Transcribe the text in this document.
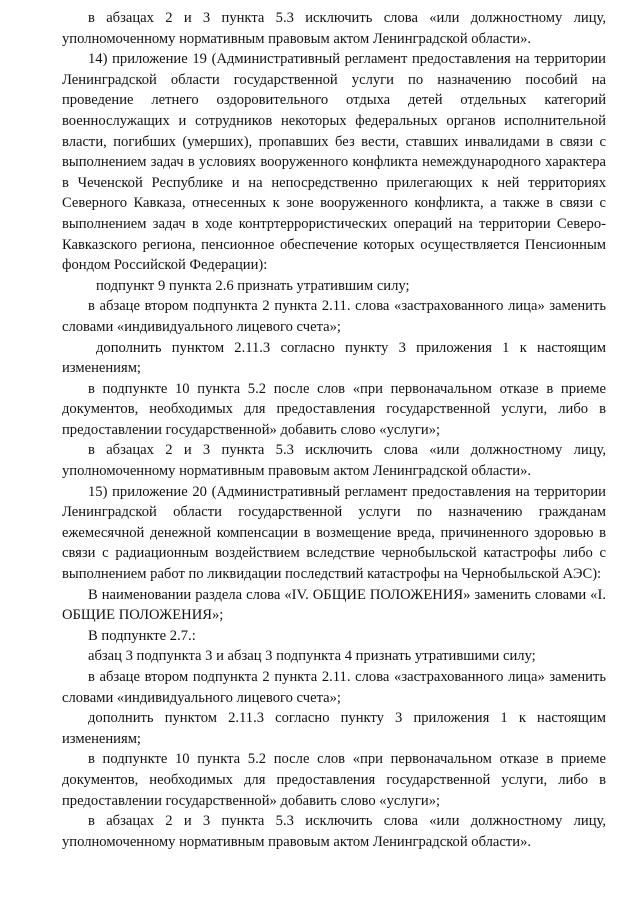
в абзацах 2 и 3 пункта 5.3 исключить слова «или должностному лицу, уполномоченному нормативным правовым актом Ленинградской области».

14) приложение 19 (Административный регламент предоставления на территории Ленинградской области государственной услуги по назначению пособий на проведение летнего оздоровительного отдыха детей отдельных категорий военнослужащих и сотрудников некоторых федеральных органов исполнительной власти, погибших (умерших), пропавших без вести, ставших инвалидами в связи с выполнением задач в условиях вооруженного конфликта немеждународного характера в Чеченской Республике и на непосредственно прилегающих к ней территориях Северного Кавказа, отнесенных к зоне вооруженного конфликта, а также в связи с выполнением задач в ходе контртеррористических операций на территории Северо-Кавказского региона, пенсионное обеспечение которых осуществляется Пенсионным фондом Российской Федерации):

подпункт 9 пункта 2.6 признать утратившим силу;

в абзаце втором подпункта 2 пункта 2.11. слова «застрахованного лица» заменить словами «индивидуального лицевого счета»;

дополнить пунктом 2.11.3 согласно пункту 3 приложения 1 к настоящим изменениям;

в подпункте 10 пункта 5.2 после слов «при первоначальном отказе в приеме документов, необходимых для предоставления государственной услуги, либо в предоставлении государственной» добавить слово «услуги»;

в абзацах 2 и 3 пункта 5.3 исключить слова «или должностному лицу, уполномоченному нормативным правовым актом Ленинградской области».

15) приложение 20 (Административный регламент предоставления на территории Ленинградской области государственной услуги по назначению гражданам ежемесячной денежной компенсации в возмещение вреда, причиненного здоровью в связи с радиационным воздействием вследствие чернобыльской катастрофы либо с выполнением работ по ликвидации последствий катастрофы на Чернобыльской АЭС):

В наименовании раздела слова «IV. ОБЩИЕ ПОЛОЖЕНИЯ» заменить словами «I. ОБЩИЕ ПОЛОЖЕНИЯ»;

В подпункте 2.7.:

абзац 3 подпункта 3 и абзац 3 подпункта 4 признать утратившими силу;

в абзаце втором подпункта 2 пункта 2.11. слова «застрахованного лица» заменить словами «индивидуального лицевого счета»;

дополнить пунктом 2.11.3 согласно пункту 3 приложения 1 к настоящим изменениям;

в подпункте 10 пункта 5.2 после слов «при первоначальном отказе в приеме документов, необходимых для предоставления государственной услуги, либо в предоставлении государственной» добавить слово «услуги»;

в абзацах 2 и 3 пункта 5.3 исключить слова «или должностному лицу, уполномоченному нормативным правовым актом Ленинградской области».
